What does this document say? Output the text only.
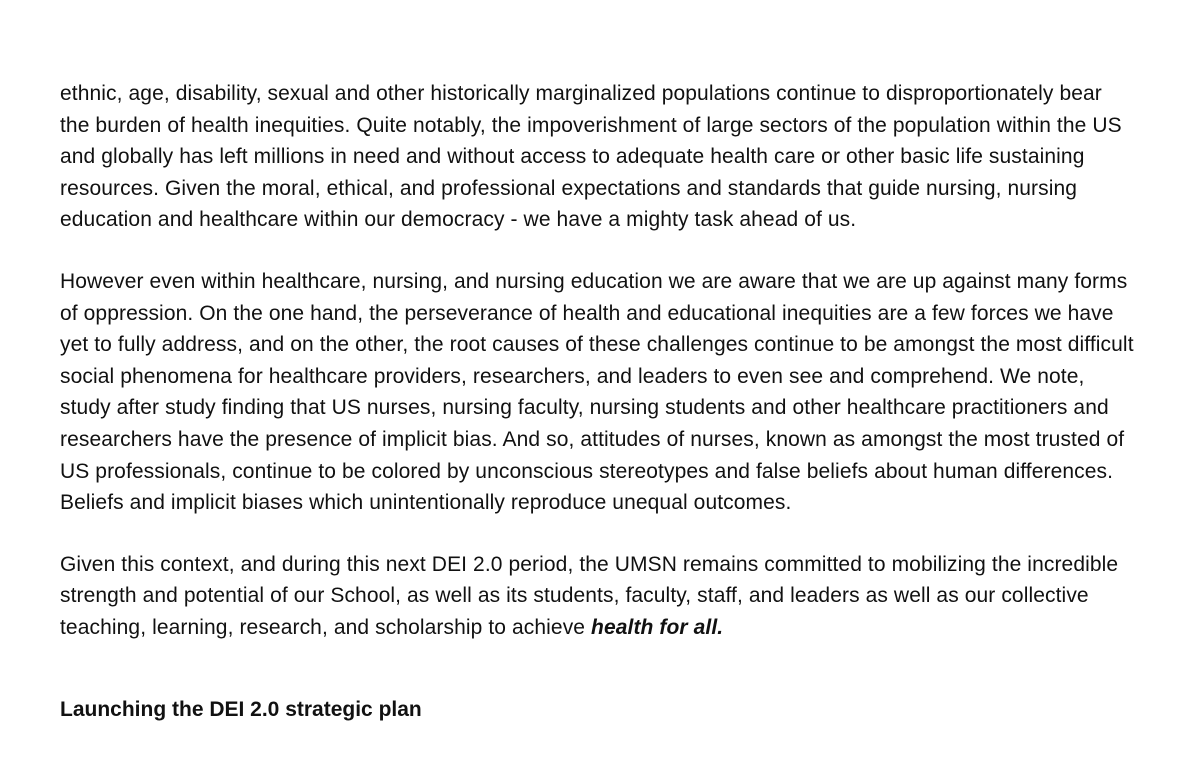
ethnic, age, disability, sexual and other historically marginalized populations continue to disproportionately bear the burden of health inequities. Quite notably, the impoverishment of large sectors of the population within the US and globally has left millions in need and without access to adequate health care or other basic life sustaining resources. Given the moral, ethical, and professional expectations and standards that guide nursing, nursing education and healthcare within our democracy - we have a mighty task ahead of us.

However even within healthcare, nursing, and nursing education we are aware that we are up against many forms of oppression. On the one hand, the perseverance of health and educational inequities are a few forces we have yet to fully address, and on the other, the root causes of these challenges continue to be amongst the most difficult social phenomena for healthcare providers, researchers, and leaders to even see and comprehend. We note, study after study finding that US nurses, nursing faculty, nursing students and other healthcare practitioners and researchers have the presence of implicit bias. And so, attitudes of nurses, known as amongst the most trusted of US professionals, continue to be colored by unconscious stereotypes and false beliefs about human differences. Beliefs and implicit biases which unintentionally reproduce unequal outcomes.

Given this context, and during this next DEI 2.0 period, the UMSN remains committed to mobilizing the incredible strength and potential of our School, as well as its students, faculty, staff, and leaders as well as our collective teaching, learning, research, and scholarship to achieve health for all.

Launching the DEI 2.0 strategic plan
